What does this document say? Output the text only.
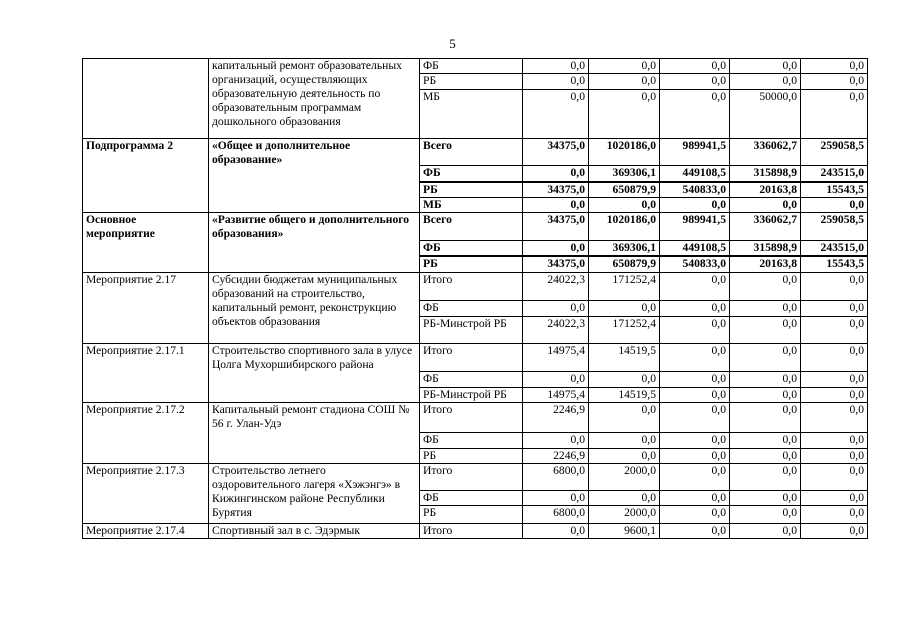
5
	капитальный ремонт образовательных организаций, осуществляющих образовательную деятельность по образовательным программам дошкольного образования	ФБ	0,0	0,0	0,0	0,0	0,0
		РБ	0,0	0,0	0,0	0,0	0,0
		МБ	0,0	0,0	0,0	50000,0	0,0
Подпрограмма 2	«Общее и дополнительное образование»	Всего	34375,0	1020186,0	989941,5	336062,7	259058,5
		ФБ	0,0	369306,1	449108,5	315898,9	243515,0
		РБ	34375,0	650879,9	540833,0	20163,8	15543,5
		МБ	0,0	0,0	0,0	0,0	0,0
Основное мероприятие	«Развитие общего и дополнительного образования»	Всего	34375,0	1020186,0	989941,5	336062,7	259058,5
		ФБ	0,0	369306,1	449108,5	315898,9	243515,0
		РБ	34375,0	650879,9	540833,0	20163,8	15543,5
Мероприятие 2.17	Субсидии бюджетам муниципальных образований на строительство, капитальный ремонт, реконструкцию объектов образования	Итого	24022,3	171252,4	0,0	0,0	0,0
		ФБ	0,0	0,0	0,0	0,0	0,0
		РБ-Минстрой РБ	24022,3	171252,4	0,0	0,0	0,0
Мероприятие 2.17.1	Строительство спортивного зала в улусе Цолга Мухоршибирского района	Итого	14975,4	14519,5	0,0	0,0	0,0
		ФБ	0,0	0,0	0,0	0,0	0,0
		РБ-Минстрой РБ	14975,4	14519,5	0,0	0,0	0,0
Мероприятие 2.17.2	Капитальный ремонт стадиона СОШ № 56 г. Улан-Удэ	Итого	2246,9	0,0	0,0	0,0	0,0
		ФБ	0,0	0,0	0,0	0,0	0,0
		РБ	2246,9	0,0	0,0	0,0	0,0
Мероприятие 2.17.3	Строительство летнего оздоровительного лагеря «Хэжэнгэ» в Кижингинском районе Республики Бурятия	Итого	6800,0	2000,0	0,0	0,0	0,0
		ФБ	0,0	0,0	0,0	0,0	0,0
		РБ	6800,0	2000,0	0,0	0,0	0,0
Мероприятие 2.17.4	Спортивный зал в с. Эдэрмык	Итого	0,0	9600,1	0,0	0,0	0,0
